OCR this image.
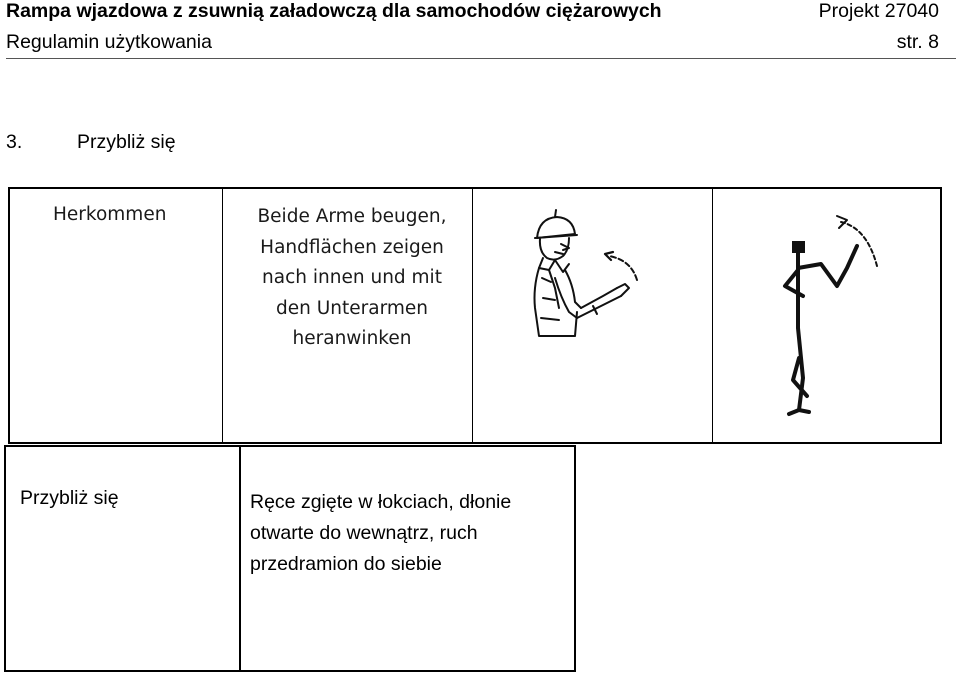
Rampa wjazdowa z zsuwnią załadowczą dla samochodów ciężarowych	Projekt 27040
Regulamin użytkowania	str. 8
3.	Przybliż się
Herkommen	Beide Arme beugen,
Handflächen zeigen
nach innen und mit
den Unterarmen
heranwinken
Przybliż się	Ręce zgięte w łokciach, dłonie
otwarte do wewnątrz, ruch
przedramion do siebie
